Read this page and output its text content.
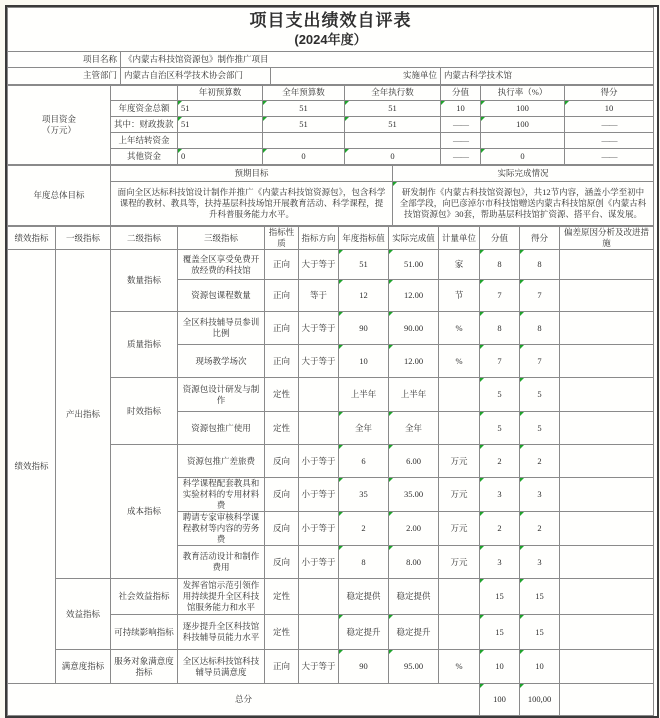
项目支出绩效自评表
(2024年度）			

项目名称	《内蒙古科技馆资源包》制作推广项目		
主管部门	内蒙古自治区科学技术协会部门	实施单位	内蒙古科学技术馆
项目资金
（万元）		年初预算数	全年预算数	全年执行数	分值	执行率（%）	得分
	年度资金总额	51	51	51	10	100	10
	其中：财政拨款	51	51	51	——	100	——
	上年结转资金				——		——
	其他资金	0	0	0	——	0	——
年度总体目标	预期目标	实际完成情况
	面向全区达标科技馆设计制作并推广《内蒙古科技馆资源包》，包含科学课程的教材、教具等，扶持基层科技场馆开展教育活动、科学课程，提升科普服务能力水平。	研发制作《内蒙古科技馆资源包》，共12节内容，涵盖小学至初中全部学段，向巴彦淖尔市科技馆赠送内蒙古科技馆原创《内蒙古科技馆资源包》30套，帮助基层科技馆扩资源、搭平台、谋发展。
绩效指标	一级指标	二级指标	三级指标	指标性质	指标方向	年度指标值	实际完成值	计量单位	分值	得分	偏差原因分析及改进措施
绩效指标	产出指标	数量指标	覆盖全区享受免费开放经费的科技馆	正向	大于等于	51	51.00	家	8	8	
			资源包课程数量	正向	等于	12	12.00	节	7	7	
		质量指标	全区科技辅导员参训比例	正向	大于等于	90	90.00	%	8	8	
			现场教学场次	正向	大于等于	10	12.00	%	7	7	
		时效指标	资源包设计研发与制作	定性		上半年	上半年		5	5	
			资源包推广使用	定性		全年	全年		5	5	
		成本指标	资源包推广差旅费	反向	小于等于	6	6.00	万元	2	2	
			科学课程配套教具和实验材料的专用材料费	反向	小于等于	35	35.00	万元	3	3	
			聘请专家审核科学课程教材等内容的劳务费	反向	小于等于	2	2.00	万元	2	2	
			教育活动设计和制作费用	反向	小于等于	8	8.00	万元	3	3	
	效益指标	社会效益指标	发挥省馆示范引领作用持续提升全区科技馆服务能力和水平	定性		稳定提供	稳定提供		15	15	
		可持续影响指标	逐步提升全区科技馆科技辅导员能力水平	定性		稳定提升	稳定提升		15	15	
	满意度指标	服务对象满意度指标	全区达标科技馆科技辅导员满意度	正向	大于等于	90	95.00	%	10	10	
总分									100	100,00	
